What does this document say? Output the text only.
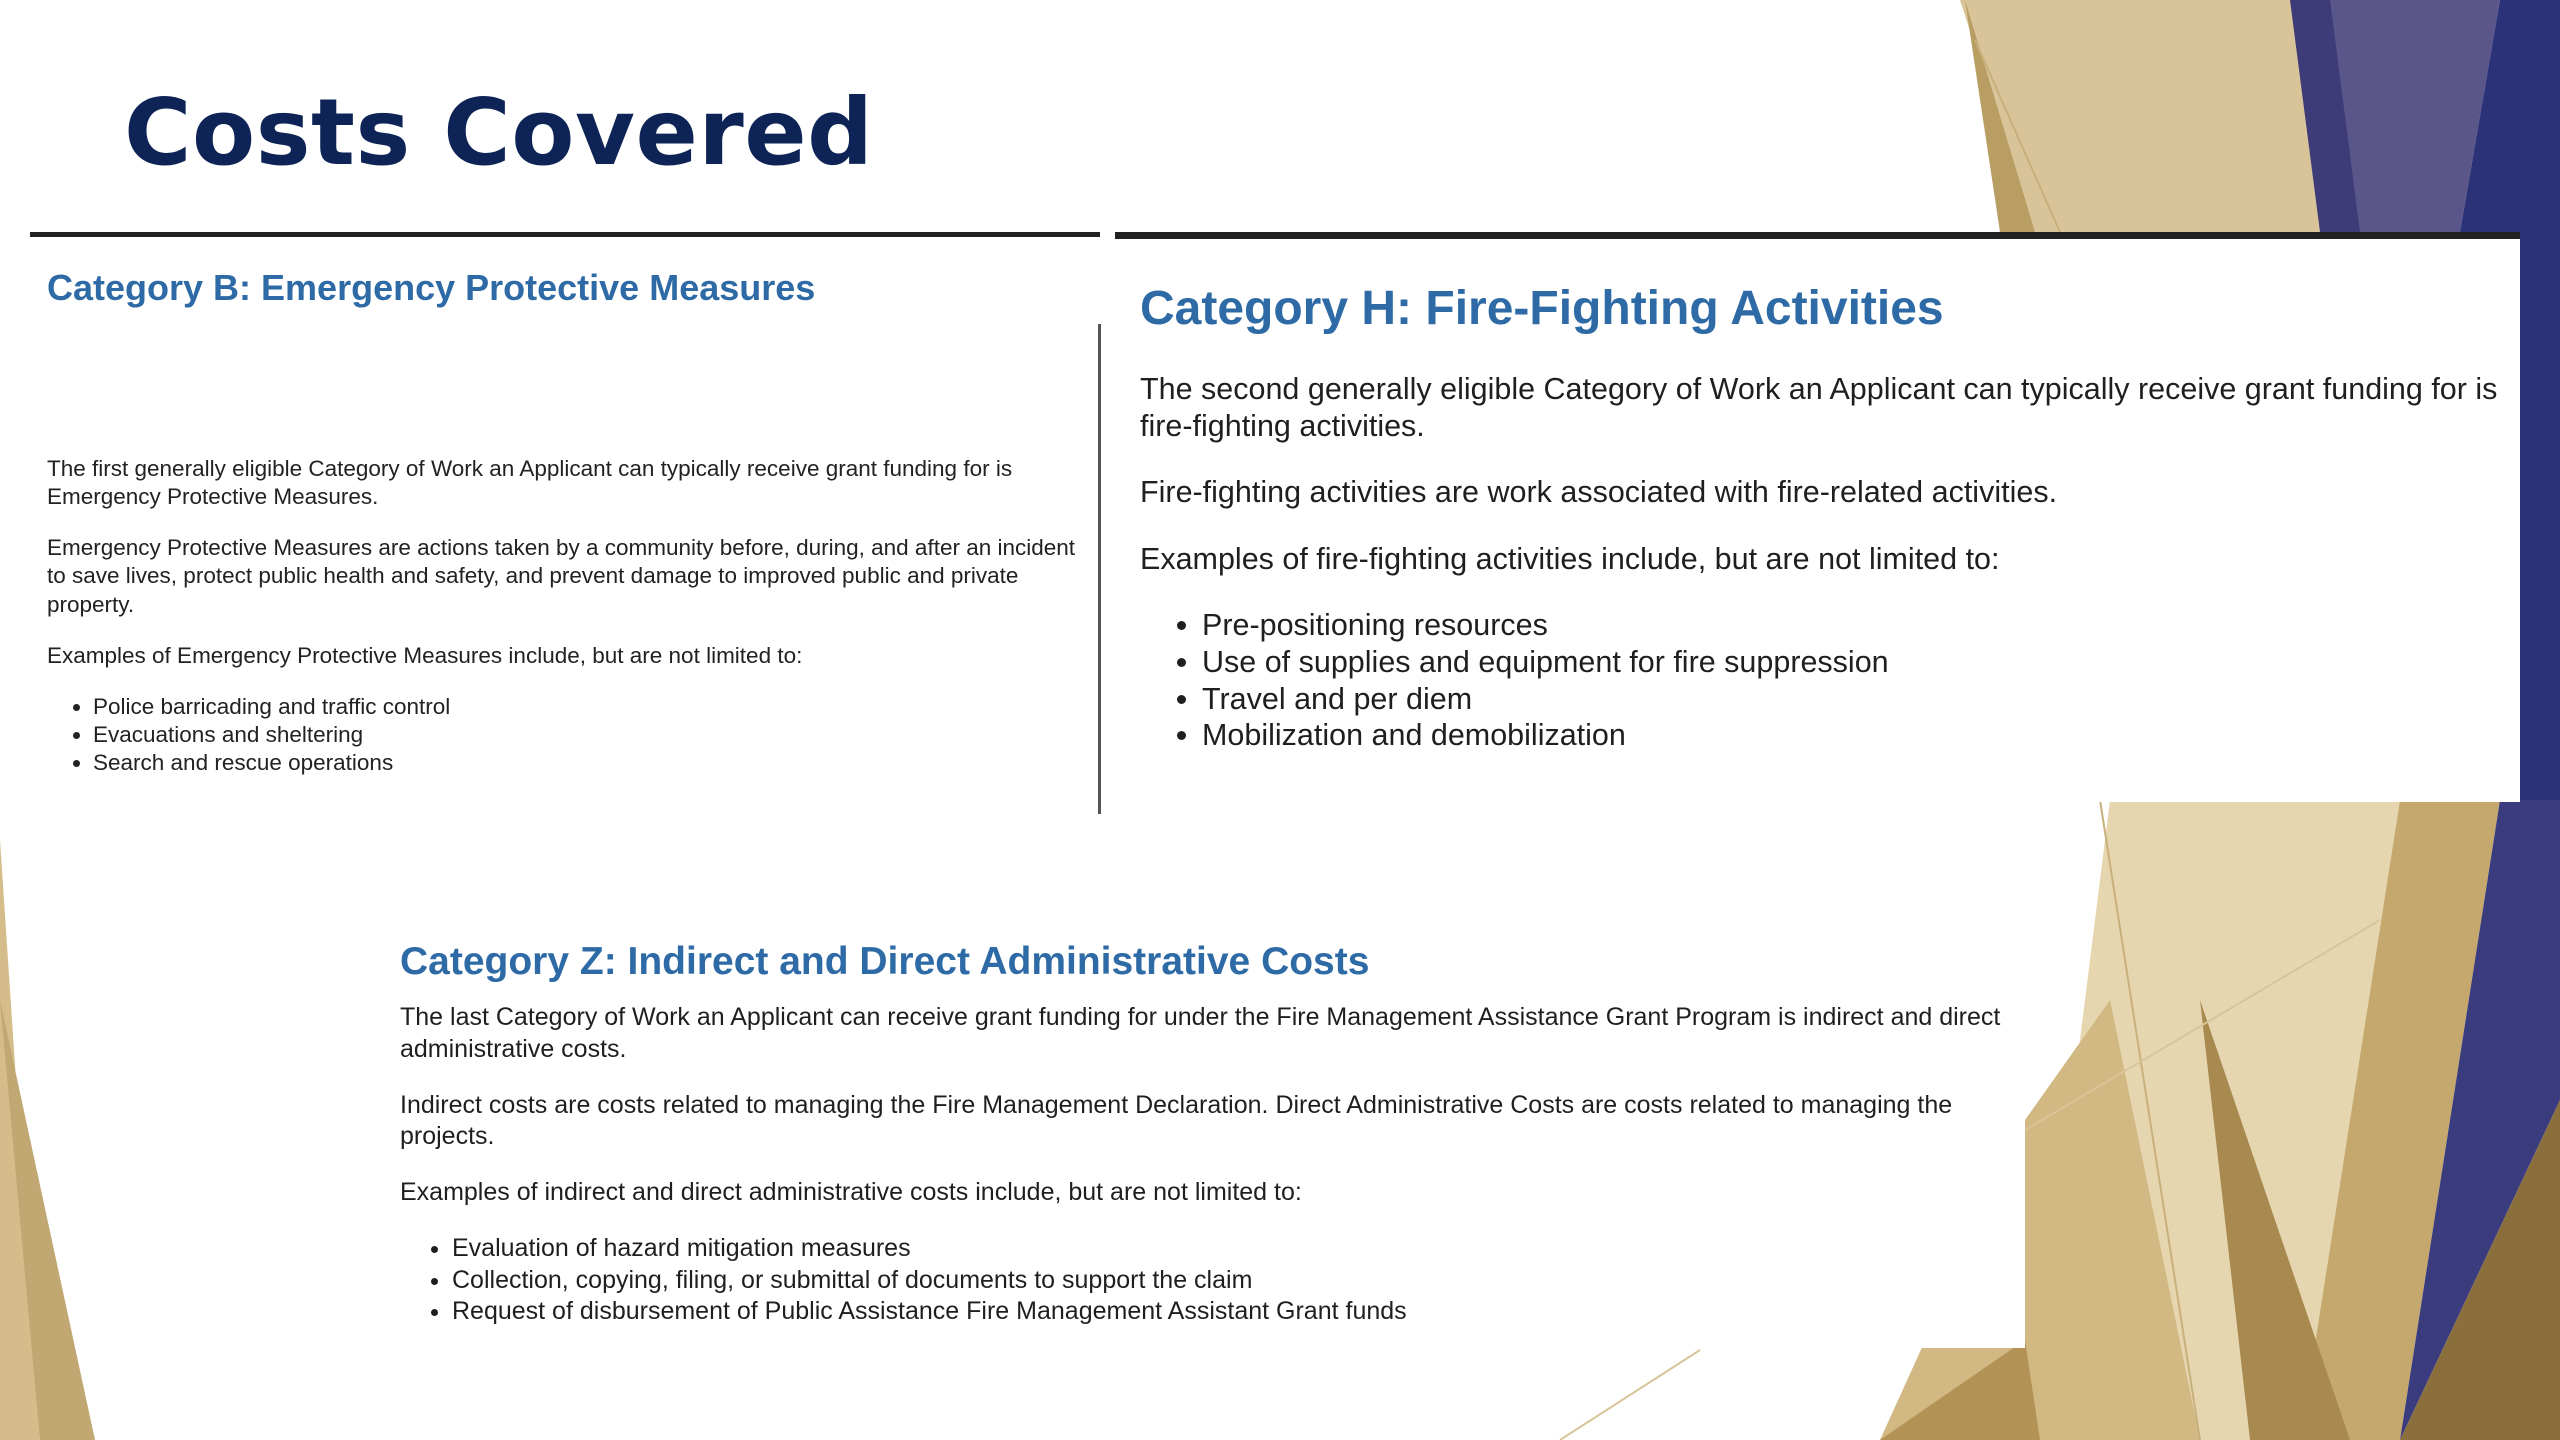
Costs Covered
Category B: Emergency Protective Measures

The first generally eligible Category of Work an Applicant can typically receive grant funding for is Emergency Protective Measures.

Emergency Protective Measures are actions taken by a community before, during, and after an incident to save lives, protect public health and safety, and prevent damage to improved public and private property.

Examples of Emergency Protective Measures include, but are not limited to:

• Police barricading and traffic control
• Evacuations and sheltering
• Search and rescue operations
Category H: Fire-Fighting Activities

The second generally eligible Category of Work an Applicant can typically receive grant funding for is fire-fighting activities.

Fire-fighting activities are work associated with fire-related activities.

Examples of fire-fighting activities include, but are not limited to:

• Pre-positioning resources
• Use of supplies and equipment for fire suppression
• Travel and per diem
• Mobilization and demobilization
Category Z: Indirect and Direct Administrative Costs

The last Category of Work an Applicant can receive grant funding for under the Fire Management Assistance Grant Program is indirect and direct administrative costs.

Indirect costs are costs related to managing the Fire Management Declaration. Direct Administrative Costs are costs related to managing the projects.

Examples of indirect and direct administrative costs include, but are not limited to:

• Evaluation of hazard mitigation measures
• Collection, copying, filing, or submittal of documents to support the claim
• Request of disbursement of Public Assistance Fire Management Assistant Grant funds
